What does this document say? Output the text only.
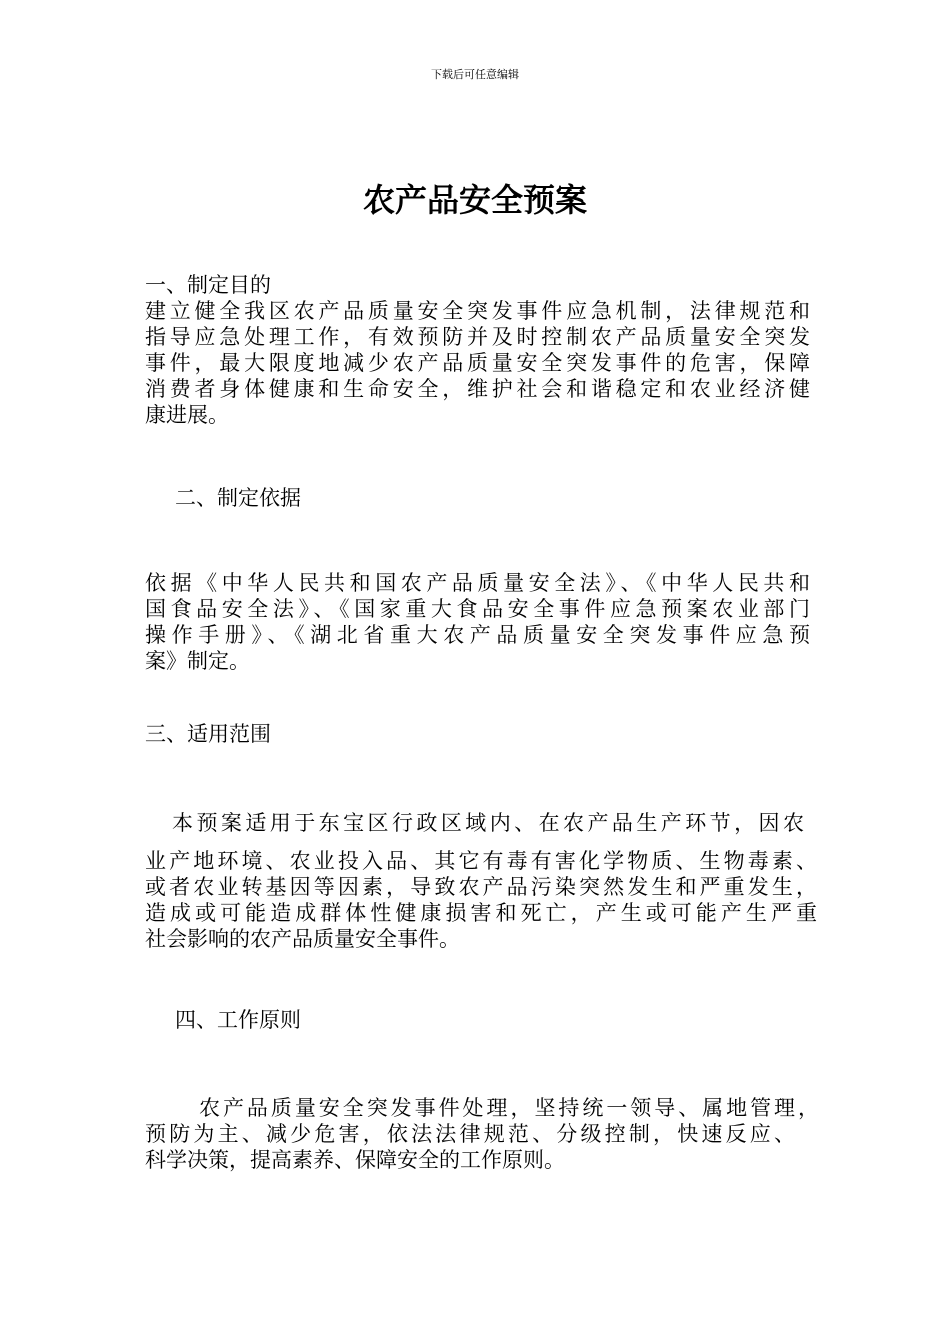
下载后可任意编辑
农产品安全预案
一、制定目的
建立健全我区农产品质量安全突发事件应急机制，法律规范和
指导应急处理工作，有效预防并及时控制农产品质量安全突发
事件，最大限度地减少农产品质量安全突发事件的危害，保障
消费者身体健康和生命安全，维护社会和谐稳定和农业经济健
康进展。
二、制定依据
依据《中华人民共和国农产品质量安全法》、《中华人民共和
国食品安全法》、《国家重大食品安全事件应急预案农业部门
操作手册》、《湖北省重大农产品质量安全突发事件应急预
案》制定。
三、适用范围
本预案适用于东宝区行政区域内、在农产品生产环节，因农
业产地环境、农业投入品、其它有毒有害化学物质、生物毒素、
或者农业转基因等因素，导致农产品污染突然发生和严重发生，
造成或可能造成群体性健康损害和死亡，产生或可能产生严重
社会影响的农产品质量安全事件。
四、工作原则
农产品质量安全突发事件处理，坚持统一领导、属地管理，
预防为主、减少危害，依法法律规范、分级控制，快速反应、
科学决策，提高素养、保障安全的工作原则。
